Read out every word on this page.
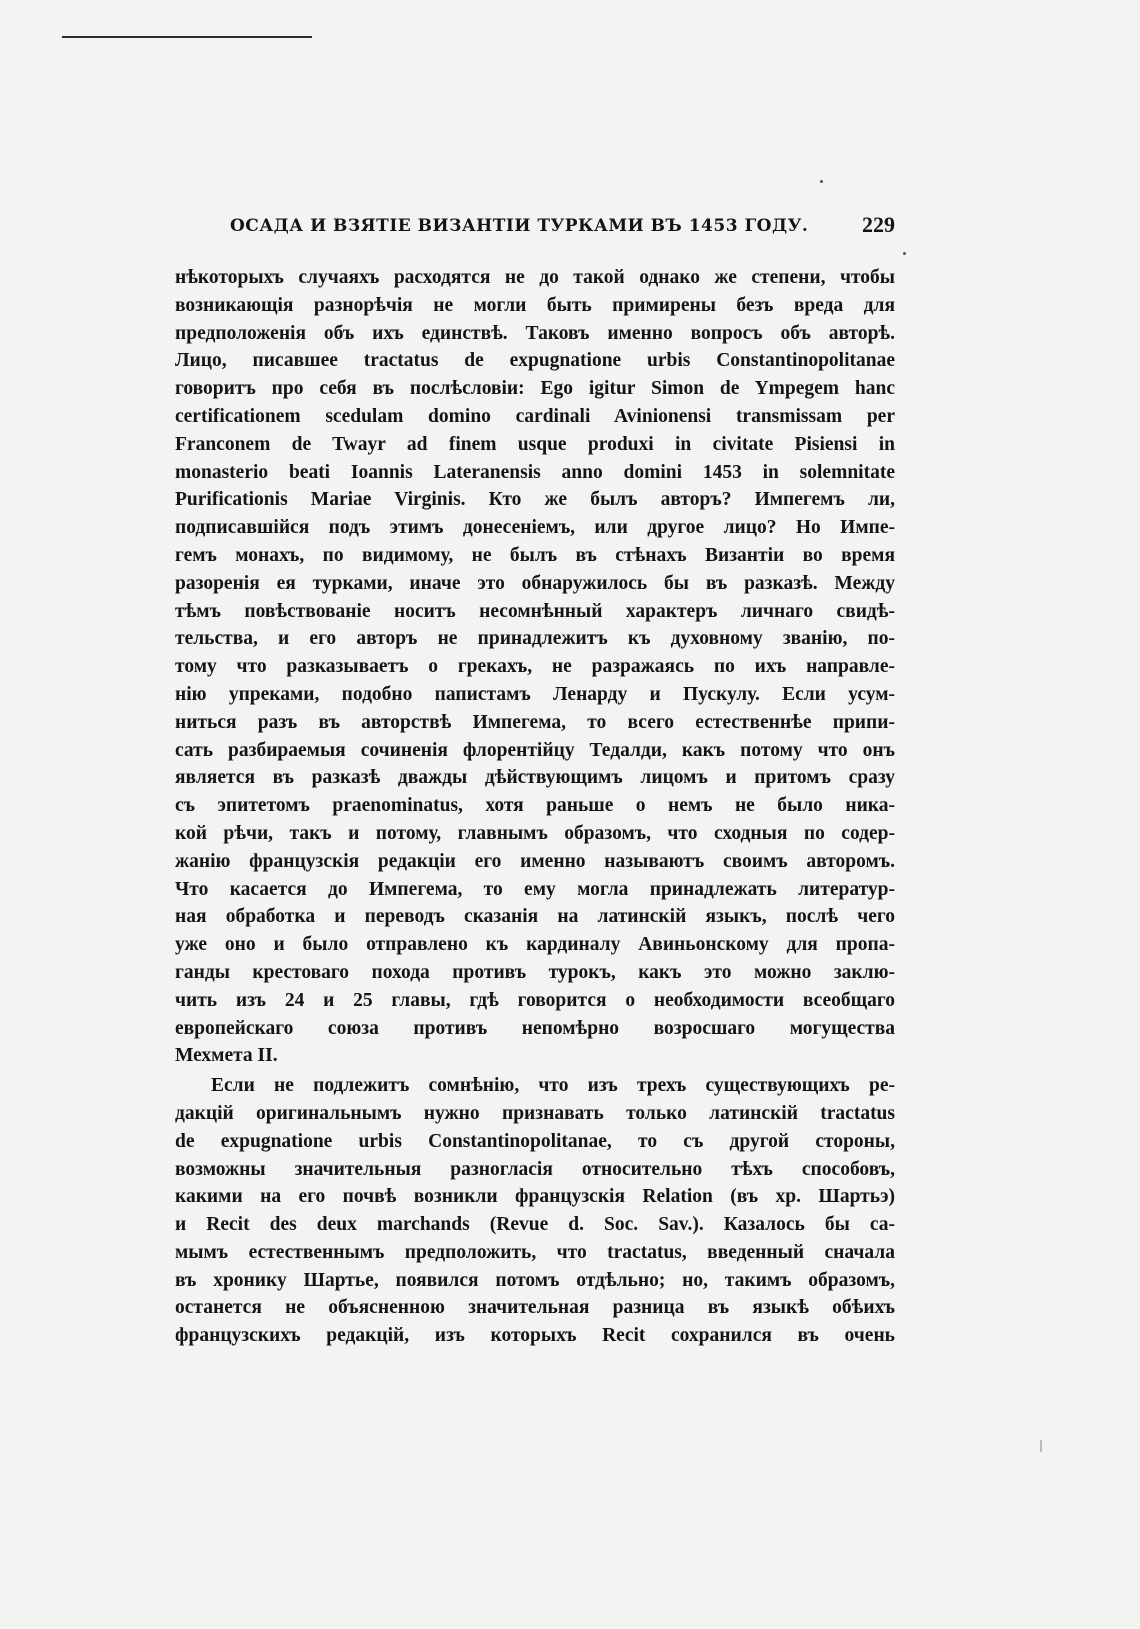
ОСАДА И ВЗЯТІЕ ВИЗАНТІИ ТУРКАМИ ВЪ 1453 ГОДУ. 229
нѣкоторыхъ случаяхъ расходятся не до такой однако же степени, чтобы
возникающія разнорѣчія не могли быть примирены безъ вреда для
предположенія объ ихъ единствѣ. Таковъ именно вопросъ объ авторѣ.
Лицо, писавшее tractatus de expugnatione urbis Constantinopolitanae
говоритъ про себя въ послѣсловіи: Ego igitur Simon de Ympegem hanc
certificationem scedulam domino cardinali Avinionensi transmissam per
Franconem de Twayr ad finem usque produxi in civitate Pisiensi in
monasterio beati Ioannis Lateranensis anno domini 1453 in solemnitate
Purificationis Mariae Virginis. Кто же былъ авторъ? Импегемъ ли,
подписавшійся подъ этимъ донесеніемъ, или другое лицо? Но Импе-
гемъ монахъ, по видимому, не былъ въ стѣнахъ Византіи во время
разоренія ея турками, иначе это обнаружилось бы въ разказѣ. Между
тѣмъ повѣствованіе носитъ несомнѣнный характеръ личнаго свидѣ-
тельства, и его авторъ не принадлежитъ къ духовному званію, по-
тому что разказываетъ о грекахъ, не разражаясь по ихъ направле-
нію упреками, подобно папистамъ Ленарду и Пускулу. Если усум-
ниться разъ въ авторствѣ Импегема, то всего естественнѣе припи-
сать разбираемыя сочиненія флорентійцу Тедалди, какъ потому что онъ
является въ разказѣ дважды дѣйствующимъ лицомъ и притомъ сразу
съ эпитетомъ praenominatus, хотя раньше о немъ не было ника-
кой рѣчи, такъ и потому, главнымъ образомъ, что сходныя по содер-
жанію французскія редакціи его именно называютъ своимъ авторомъ.
Что касается до Импегема, то ему могла принадлежать литератур-
ная обработка и переводъ сказанія на латинскій языкъ, послѣ чего
уже оно и было отправлено къ кардиналу Авиньонскому для пропа-
ганды крестоваго похода противъ турокъ, какъ это можно заклю-
чить изъ 24 и 25 главы, гдѣ говорится о необходимости всеобщаго
европейскаго союза противъ непомѣрно возросшаго могущества
Мехмета II.
Если не подлежитъ сомнѣнію, что изъ трехъ существующихъ ре-
дакцій оригинальнымъ нужно признавать только латинскій tractatus
de expugnatione urbis Constantinopolitanae, то съ другой стороны,
возможны значительныя разногласія относительно тѣхъ способовъ,
какими на его почвѣ возникли французскія Relation (въ хр. Шартьэ)
и Recit des deux marchands (Revue d. Soc. Sav.). Казалось бы са-
мымъ естественнымъ предположить, что tractatus, введенный сначала
въ хронику Шартье, появился потомъ отдѣльно; но, такимъ образомъ,
останется не объясненною значительная разница въ языкѣ обѣихъ
французскихъ редакцій, изъ которыхъ Recit сохранился въ очень
